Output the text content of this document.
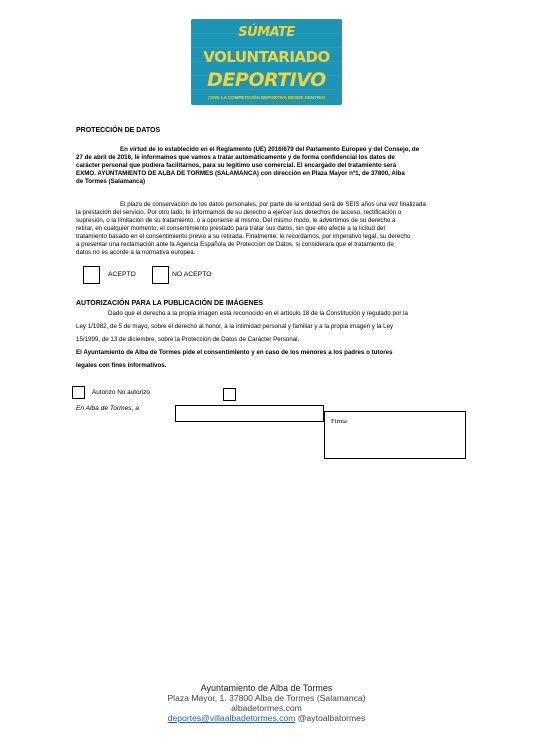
SÚMATE
VOLUNTARIADO
DEPORTIVO
¡VIVE LA COMPETICIÓN DEPORTIVA DESDE DENTRO!
PROTECCIÓN DE DATOS
En virtud de lo establecido en el Reglamento (UE) 2016/679 del Parlamento Europeo y del Consejo, de
27 de abril de 2016, le informamos que vamos a tratar automáticamente y de forma confidencial los datos de
carácter personal que pudiera facilitarnos, para su legítimo uso comercial. El encargado del tratamiento será
EXMO. AYUNTAMIENTO DE ALBA DE TORMES (SALAMANCA) con dirección en Plaza Mayor nº1, de 37800, Alba
de Tormes (Salamanca)
El plazo de conservación de los datos personales, por parte de la entidad será de SEIS años una vez finalizada
la prestación del servicio. Por otro lado, le informamos de su derecho a ejercer sus derechos de acceso, rectificación o
supresión, o la limitación de su tratamiento, o a oponerse al mismo. Del mismo modo, le advertimos de su derecho a
retirar, en cualquier momento, el consentimiento prestado para tratar sus datos, sin que ello afecte a la licitud del
tratamiento basado en el consentimiento previo a su retirada. Finalmente, le recordamos, por imperativo legal, su derecho
a presentar una reclamación ante la Agencia Española de Protección de Datos, si considerara que el tratamiento de
datos no es acorde a la normativa europea.
ACEPTO	NO ACEPTO
AUTORIZACIÓN PARA LA PUBLICACIÓN DE IMÁGENES
Dado que el derecho a la propia imagen está reconocido en el artículo 18 de la Constitución y regulado por la
Ley 1/1982, de 5 de mayo, sobre el derecho al honor, a la intimidad personal y familiar y a la propia imagen y la Ley
15/1999, de 13 de diciembre, sobre la Protección de Datos de Carácter Personal.
El Ayuntamiento de Alba de Tormes pide el consentimiento y en caso de los menores a los padres o tutores
legales con fines informativos.
Autorizo No autorizo
En Alba de Tormes, a
Firma
Ayuntamiento de Alba de Tormes
Plaza Mayor, 1. 37800 Alba de Tormes (Salamanca)
albadetormes.com
deportes@villaalbadetormes.com @aytoalbatormes
